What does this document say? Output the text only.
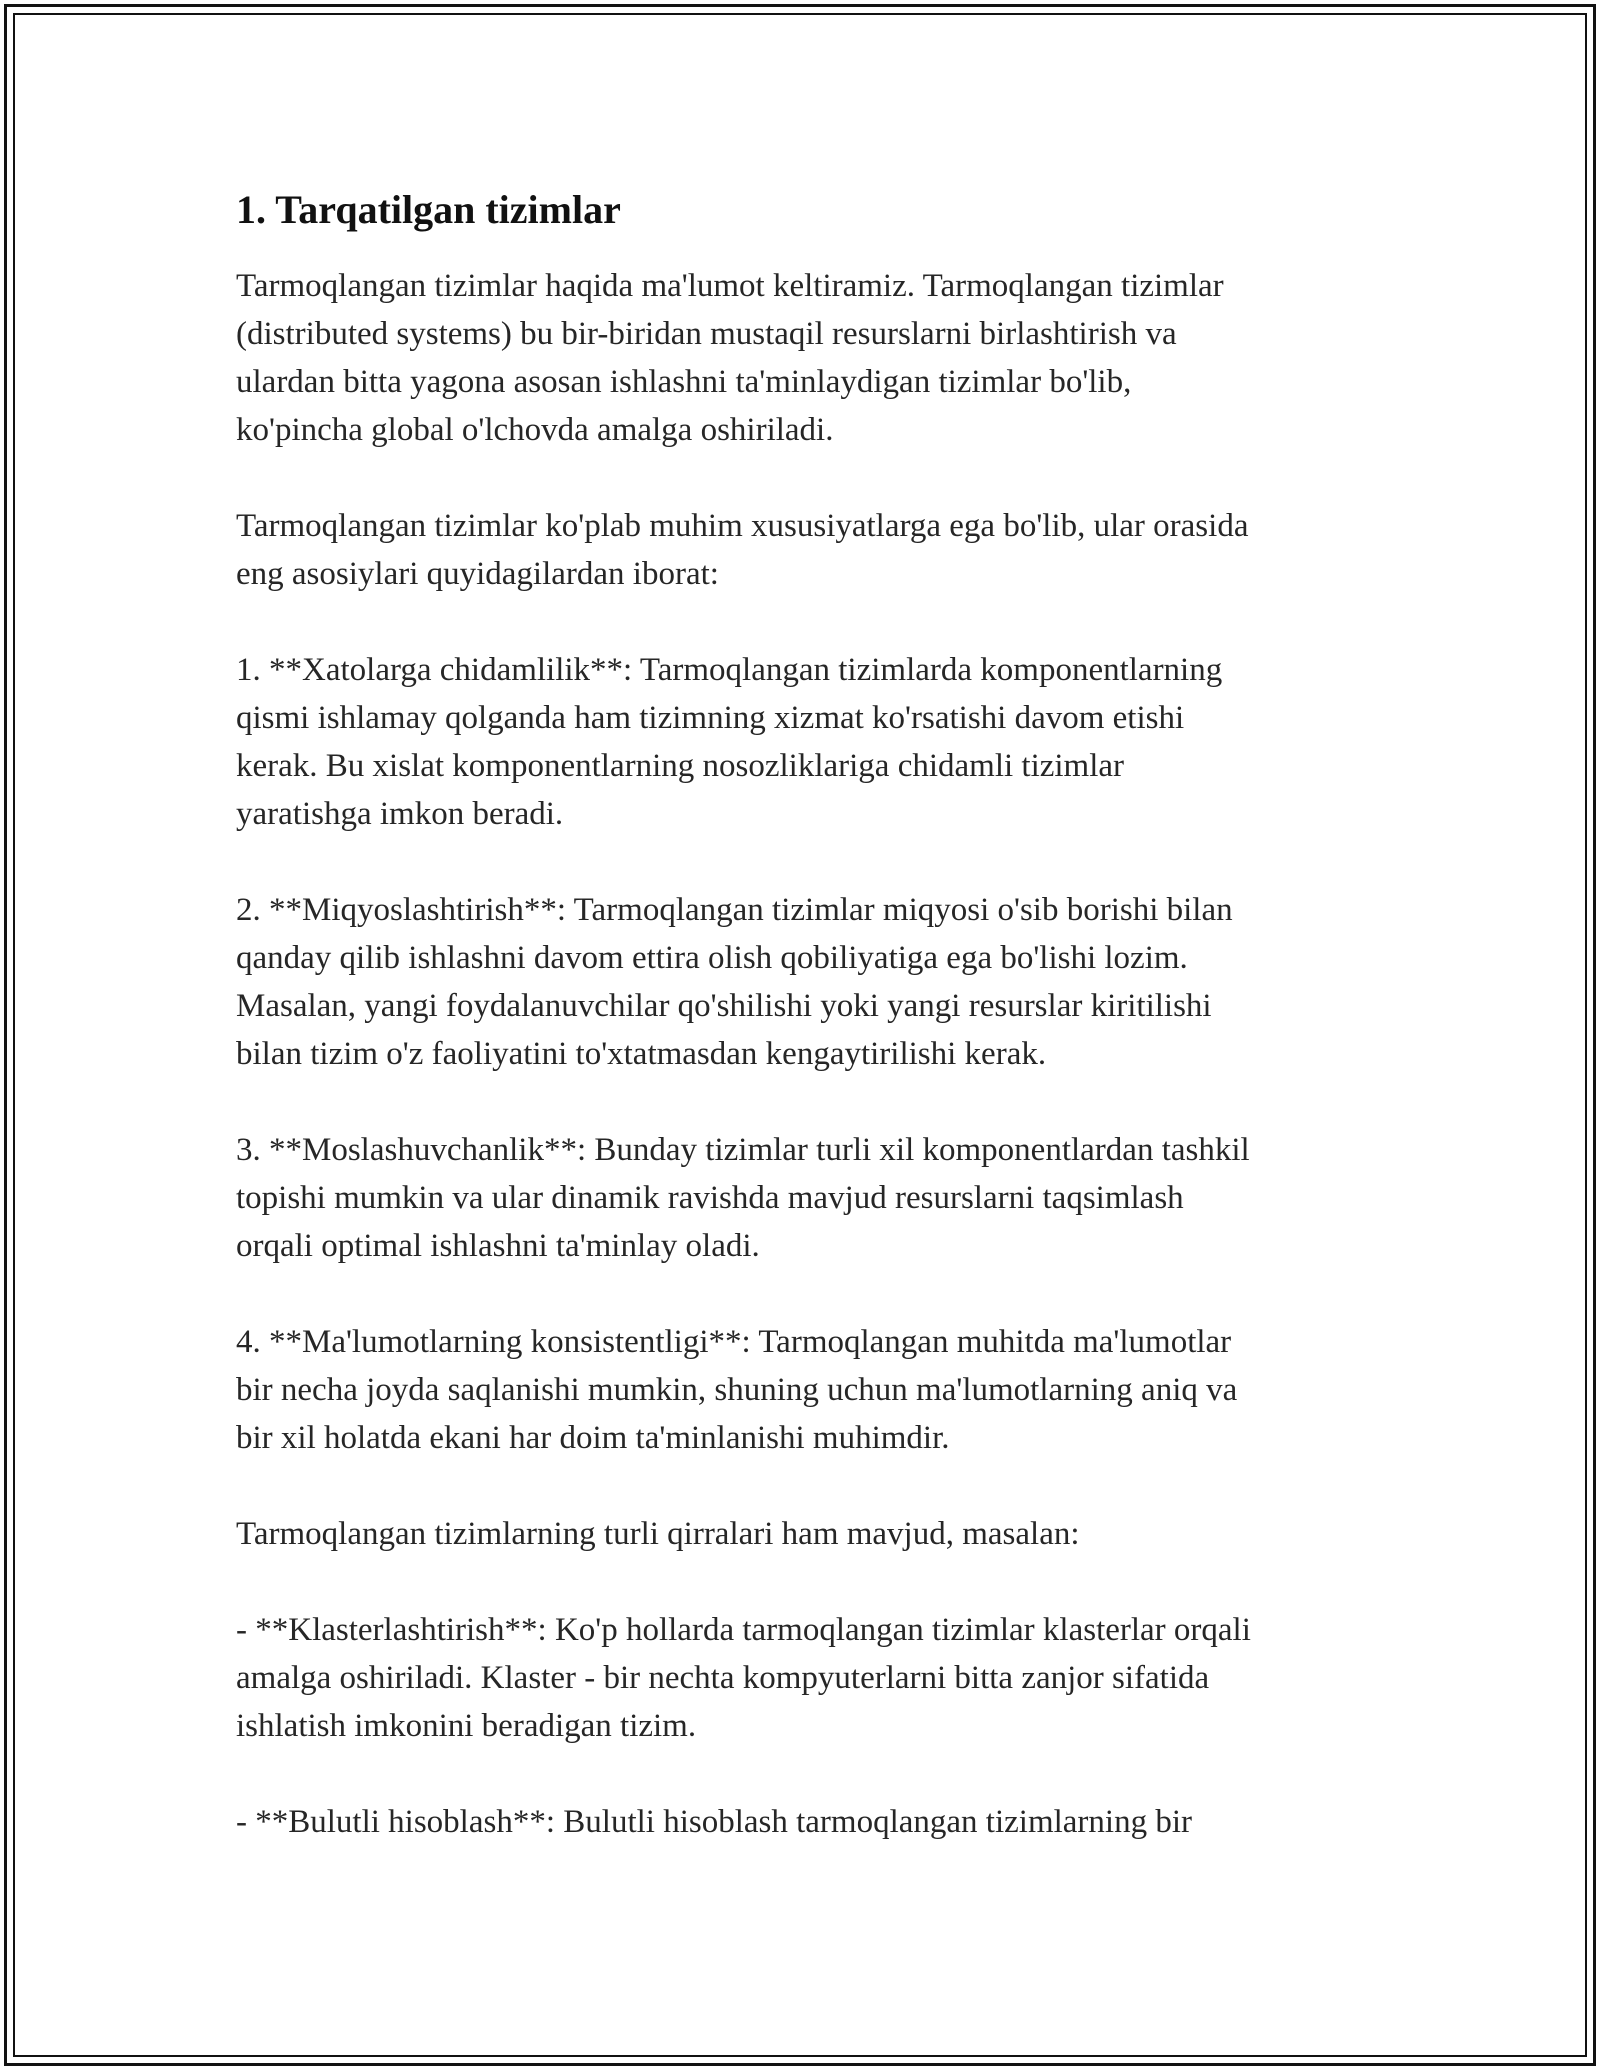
1. Tarqatilgan tizimlar
Tarmoqlangan tizimlar haqida ma'lumot keltiramiz. Tarmoqlangan tizimlar
(distributed systems) bu bir-biridan mustaqil resurslarni birlashtirish va
ulardan bitta yagona asosan ishlashni ta'minlaydigan tizimlar bo'lib,
ko'pincha global o'lchovda amalga oshiriladi.
Tarmoqlangan tizimlar ko'plab muhim xususiyatlarga ega bo'lib, ular orasida
eng asosiylari quyidagilardan iborat:
1. **Xatolarga chidamlilik**: Tarmoqlangan tizimlarda komponentlarning
qismi ishlamay qolganda ham tizimning xizmat ko'rsatishi davom etishi
kerak. Bu xislat komponentlarning nosozliklariga chidamli tizimlar
yaratishga imkon beradi.
2. **Miqyoslashtirish**: Tarmoqlangan tizimlar miqyosi o'sib borishi bilan
qanday qilib ishlashni davom ettira olish qobiliyatiga ega bo'lishi lozim.
Masalan, yangi foydalanuvchilar qo'shilishi yoki yangi resurslar kiritilishi
bilan tizim o'z faoliyatini to'xtatmasdan kengaytirilishi kerak.
3. **Moslashuvchanlik**: Bunday tizimlar turli xil komponentlardan tashkil
topishi mumkin va ular dinamik ravishda mavjud resurslarni taqsimlash
orqali optimal ishlashni ta'minlay oladi.
4. **Ma'lumotlarning konsistentligi**: Tarmoqlangan muhitda ma'lumotlar
bir necha joyda saqlanishi mumkin, shuning uchun ma'lumotlarning aniq va
bir xil holatda ekani har doim ta'minlanishi muhimdir.
Tarmoqlangan tizimlarning turli qirralari ham mavjud, masalan:
- **Klasterlashtirish**: Ko'p hollarda tarmoqlangan tizimlar klasterlar orqali
amalga oshiriladi. Klaster - bir nechta kompyuterlarni bitta zanjor sifatida
ishlatish imkonini beradigan tizim.
- **Bulutli hisoblash**: Bulutli hisoblash tarmoqlangan tizimlarning bir
